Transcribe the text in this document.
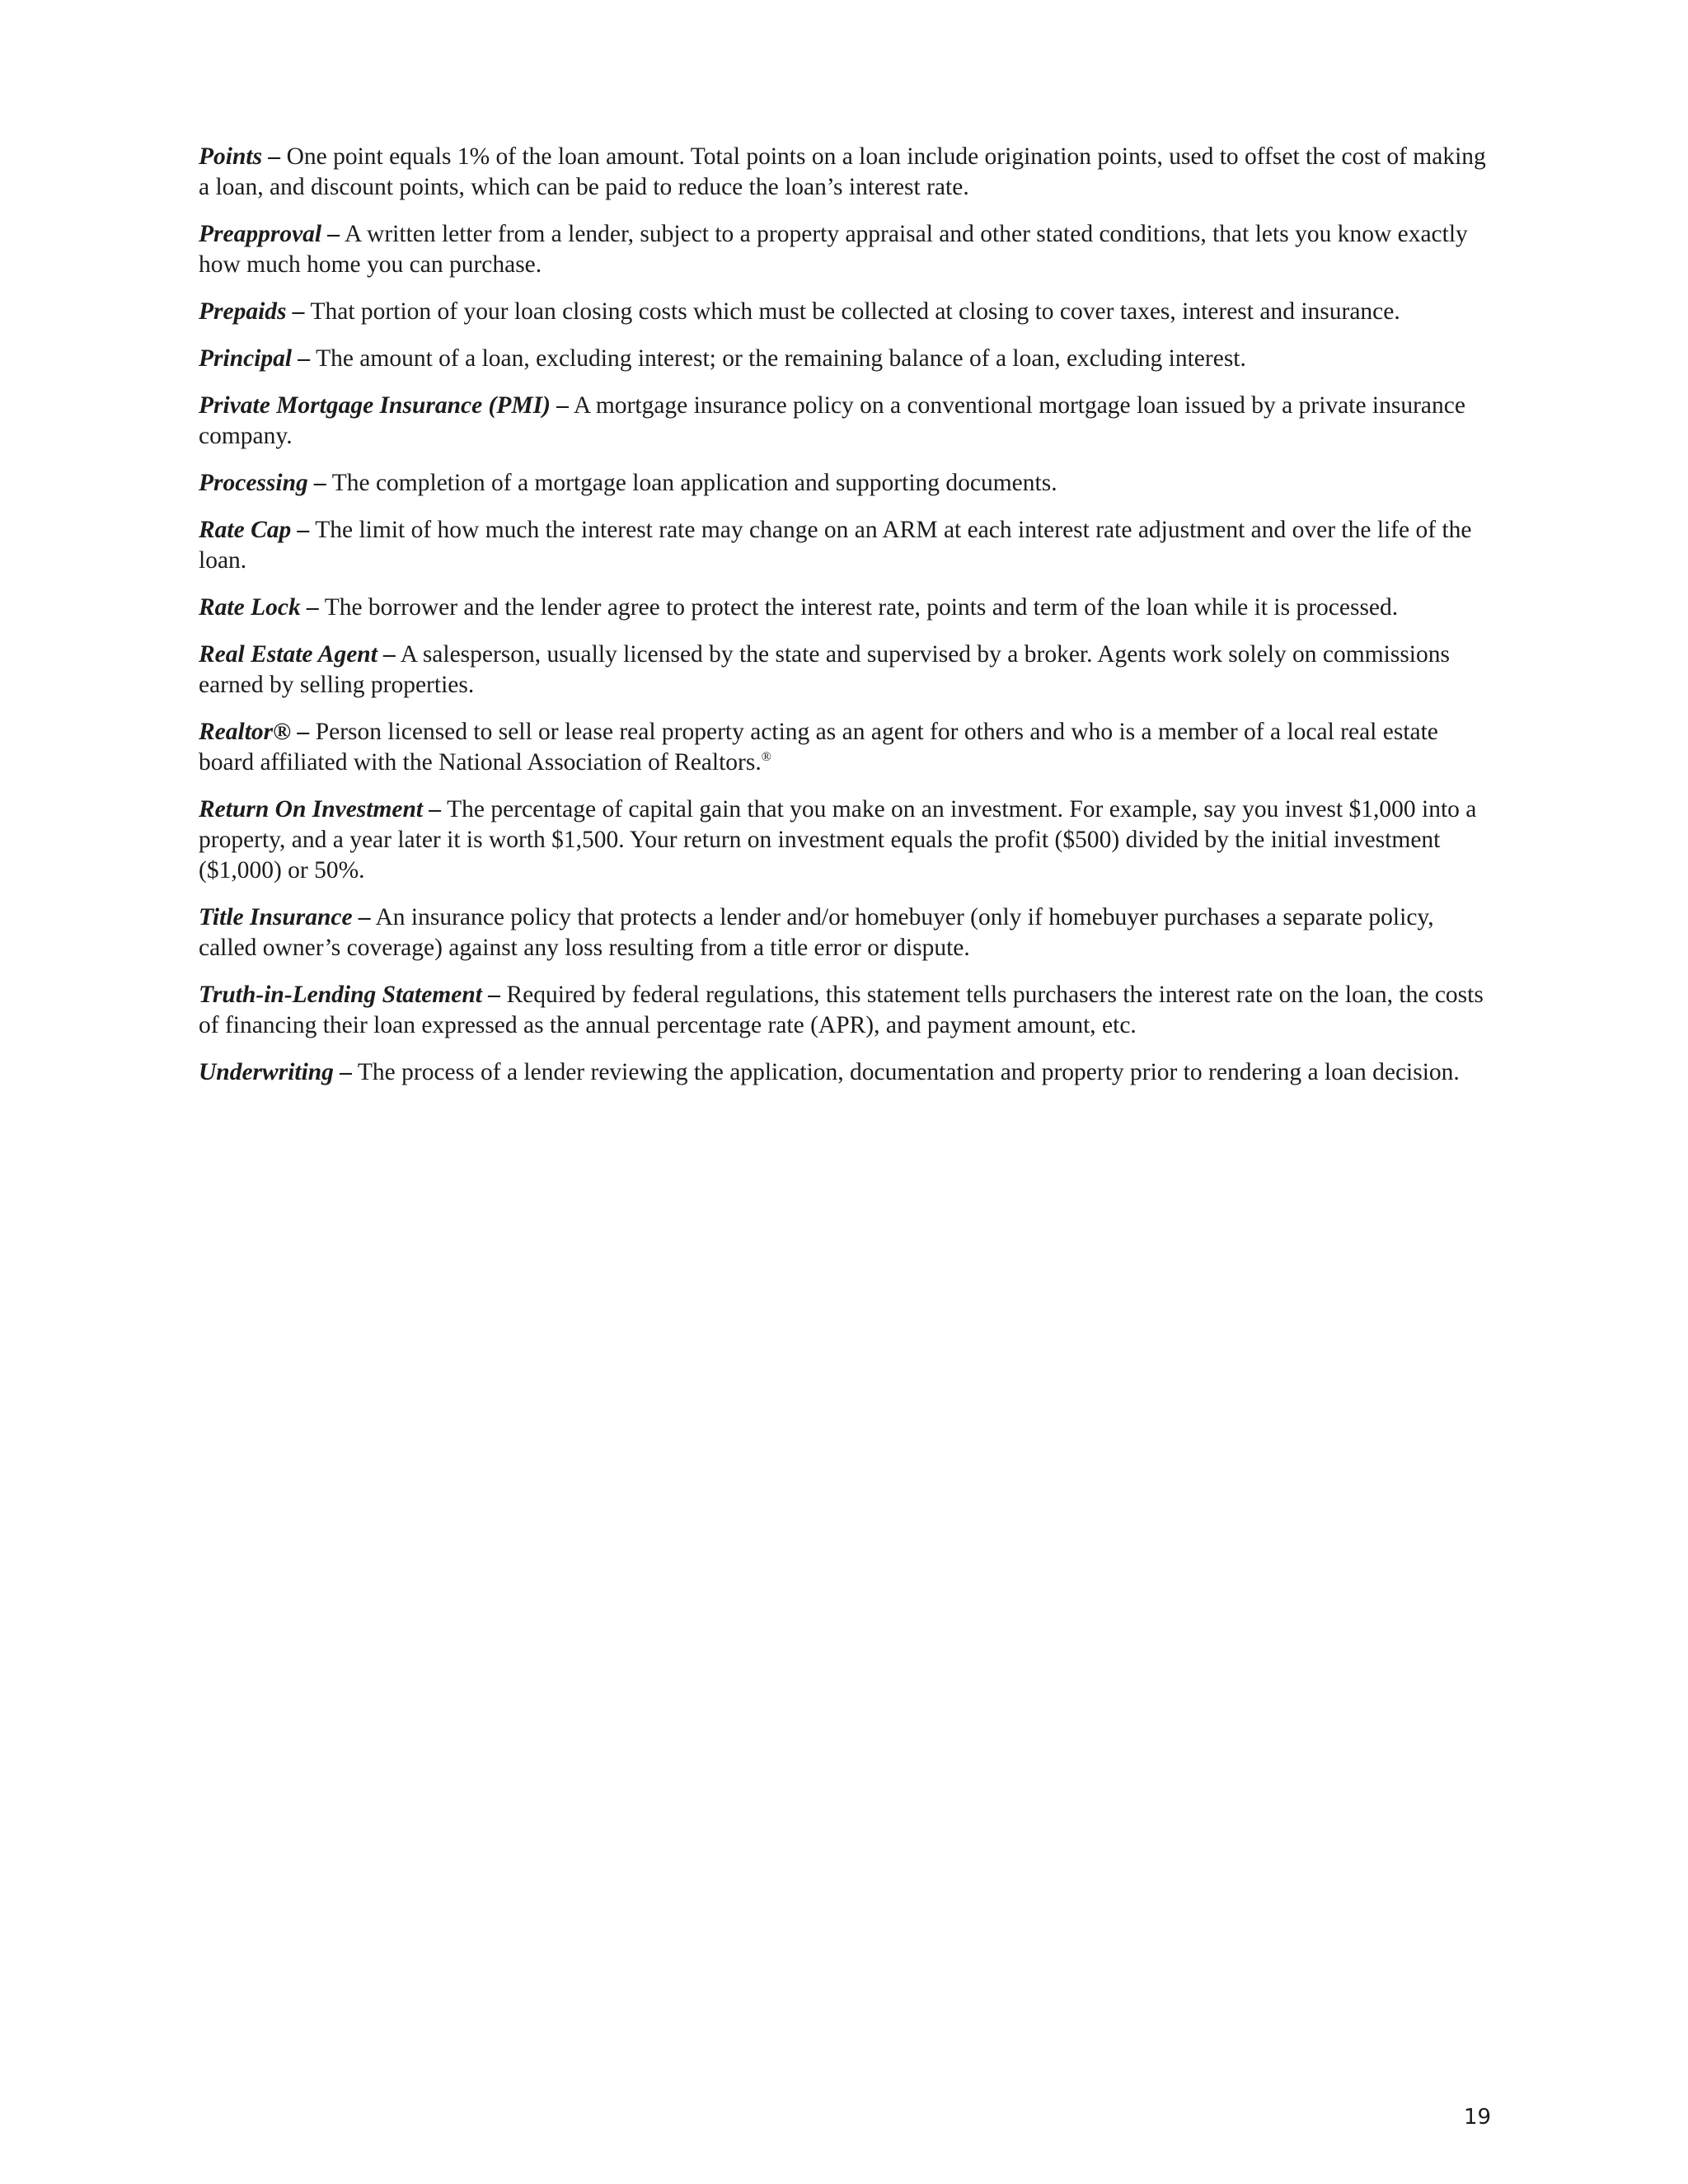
Points – One point equals 1% of the loan amount. Total points on a loan include origination points, used to offset the cost of making a loan, and discount points, which can be paid to reduce the loan’s interest rate.

Preapproval – A written letter from a lender, subject to a property appraisal and other stated conditions, that lets you know exactly how much home you can purchase.

Prepaids – That portion of your loan closing costs which must be collected at closing to cover taxes, interest and insurance.

Principal – The amount of a loan, excluding interest; or the remaining balance of a loan, excluding interest.

Private Mortgage Insurance (PMI) – A mortgage insurance policy on a conventional mortgage loan issued by a private insurance company.

Processing – The completion of a mortgage loan application and supporting documents.

Rate Cap – The limit of how much the interest rate may change on an ARM at each interest rate adjustment and over the life of the loan.

Rate Lock – The borrower and the lender agree to protect the interest rate, points and term of the loan while it is processed.

Real Estate Agent – A salesperson, usually licensed by the state and supervised by a broker. Agents work solely on commissions earned by selling properties.

Realtor® – Person licensed to sell or lease real property acting as an agent for others and who is a member of a local real estate board affiliated with the National Association of Realtors.®

Return On Investment – The percentage of capital gain that you make on an investment. For example, say you invest $1,000 into a property, and a year later it is worth $1,500. Your return on investment equals the profit ($500) divided by the initial investment ($1,000) or 50%.

Title Insurance – An insurance policy that protects a lender and/or homebuyer (only if homebuyer purchases a separate policy, called owner’s coverage) against any loss resulting from a title error or dispute.

Truth-in-Lending Statement – Required by federal regulations, this statement tells purchasers the interest rate on the loan, the costs of financing their loan expressed as the annual percentage rate (APR), and payment amount, etc.

Underwriting – The process of a lender reviewing the application, documentation and property prior to rendering a loan decision.

19
